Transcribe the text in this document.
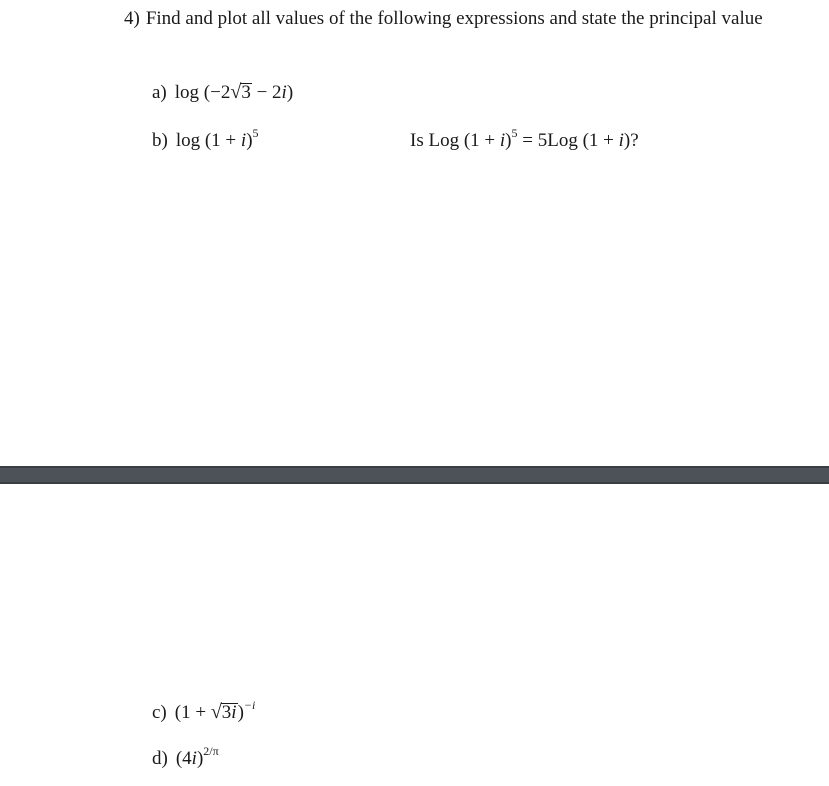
4) Find and plot all values of the following expressions and state the principal value
a) log (−2√3 − 2i)
b) $\log (1 + i)^5$	Is Log $(1 + i)^5 = 5Log$ (1 + i)?
c) $(1 + √3i)^{-i}$
d) $(4i)^{2/\pi}$
